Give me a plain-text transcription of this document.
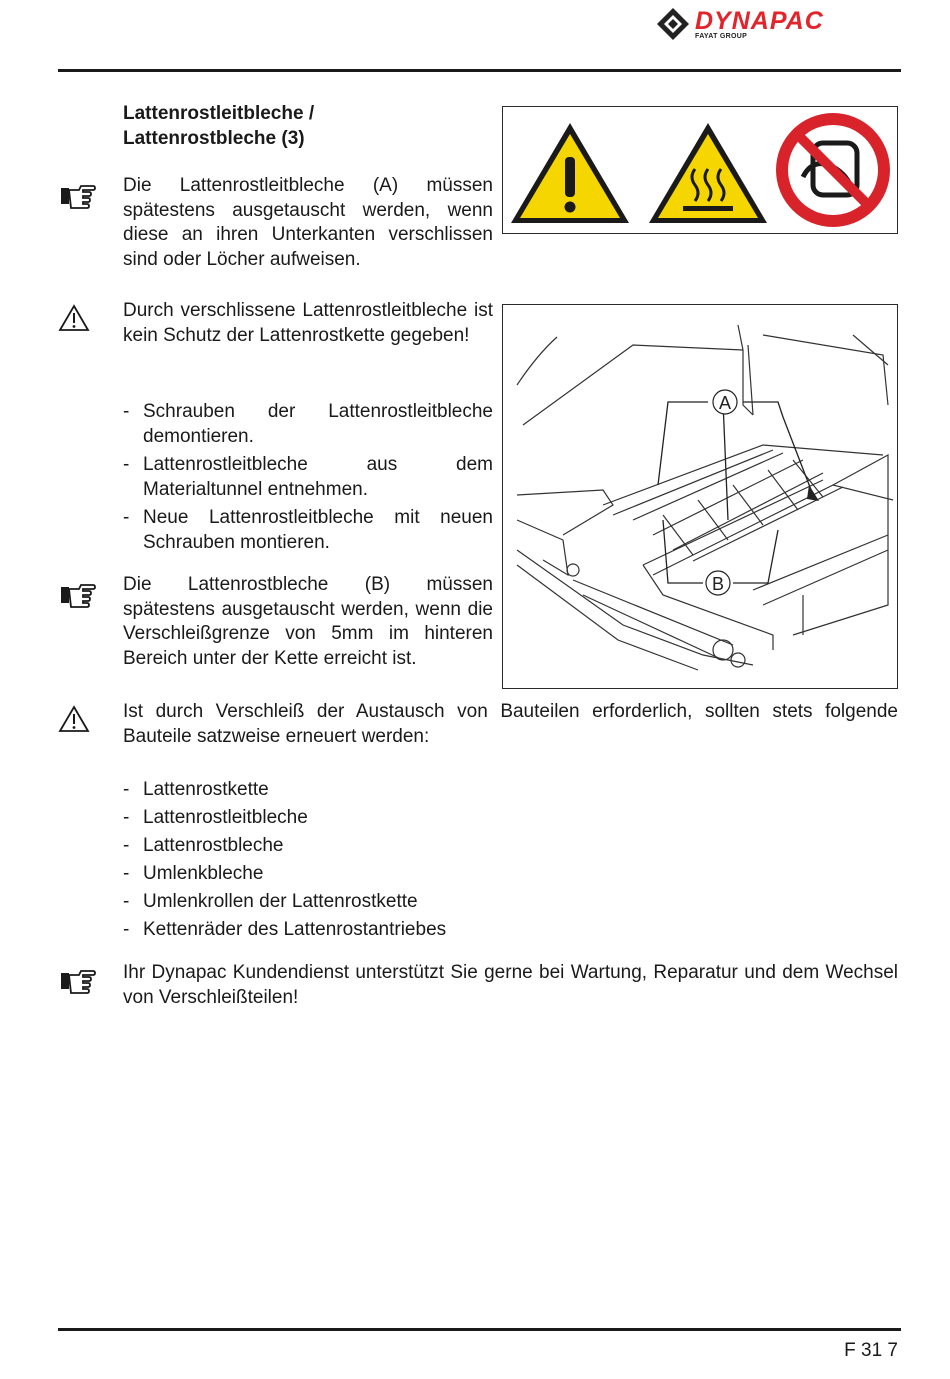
DYNAPAC
FAYAT GROUP
Lattenrostleitbleche /
Lattenrostbleche (3)
Die Lattenrostleitbleche (A) müssen spätestens ausgetauscht werden, wenn diese an ihren Unterkanten verschlissen sind oder Löcher aufweisen.
Durch verschlissene Lattenrostleitbleche ist kein Schutz der Lattenrostkette gegeben!
- Schrauben der Lattenrostleitbleche demontieren.
- Lattenrostleitbleche aus dem Materialtunnel entnehmen.
- Neue Lattenrostleitbleche mit neuen Schrauben montieren.
Die Lattenrostbleche (B) müssen spätestens ausgetauscht werden, wenn die Verschleißgrenze von 5mm im hinteren Bereich unter der Kette erreicht ist.
A
B
Ist durch Verschleiß der Austausch von Bauteilen erforderlich, sollten stets folgende Bauteile satzweise erneuert werden:
- Lattenrostkette
- Lattenrostleitbleche
- Lattenrostbleche
- Umlenkbleche
- Umlenkrollen der Lattenrostkette
- Kettenräder des Lattenrostantriebes
Ihr Dynapac Kundendienst unterstützt Sie gerne bei Wartung, Reparatur und dem Wechsel von Verschleißteilen!
F 31 7
